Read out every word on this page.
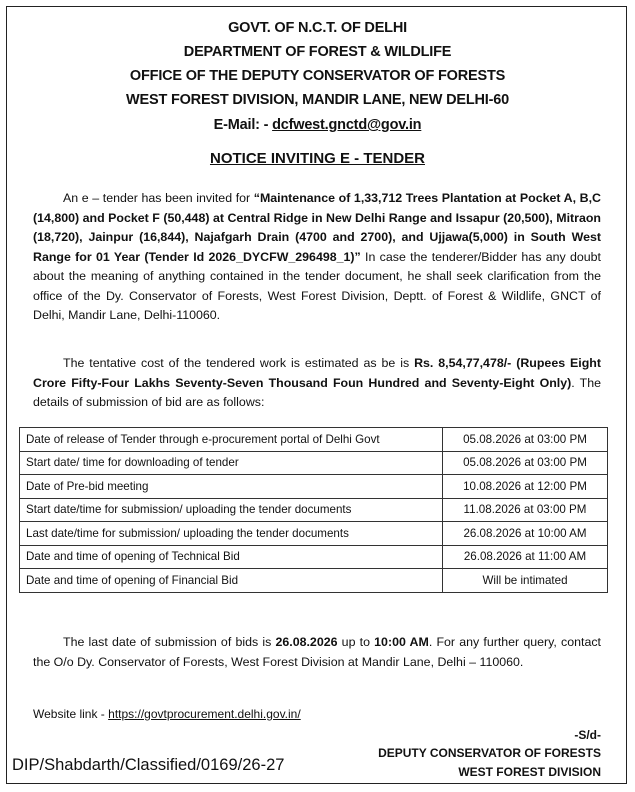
GOVT. OF N.C.T. OF DELHI
DEPARTMENT OF FOREST & WILDLIFE
OFFICE OF THE DEPUTY CONSERVATOR OF FORESTS
WEST FOREST DIVISION, MANDIR LANE, NEW DELHI-60
E-Mail: - dcfwest.gnctd@gov.in
NOTICE INVITING E - TENDER

An e – tender has been invited for “Maintenance of 1,33,712 Trees Plantation at Pocket A, B,C (14,800) and Pocket F (50,448) at Central Ridge in New Delhi Range and Issapur (20,500), Mitraon (18,720), Jainpur (16,844), Najafgarh Drain (4700 and 2700), and Ujjawa(5,000) in South West Range for 01 Year (Tender Id 2026_DYCFW_296498_1)” In case the tenderer/Bidder has any doubt about the meaning of anything contained in the tender document, he shall seek clarification from the office of the Dy. Conservator of Forests, West Forest Division, Deptt. of Forest & Wildlife, GNCT of Delhi, Mandir Lane, Delhi-110060.

The tentative cost of the tendered work is estimated as be is Rs. 8,54,77,478/- (Rupees Eight Crore Fifty-Four Lakhs Seventy-Seven Thousand Foun Hundred and Seventy-Eight Only). The details of submission of bid are as follows:

Date of release of Tender through e-procurement portal of Delhi Govt	05.08.2026 at 03:00 PM
Start date/ time for downloading of tender	05.08.2026 at 03:00 PM
Date of Pre-bid meeting	10.08.2026 at 12:00 PM
Start date/time for submission/ uploading the tender documents	11.08.2026 at 03:00 PM
Last date/time for submission/ uploading the tender documents	26.08.2026 at 10:00 AM
Date and time of opening of Technical Bid	26.08.2026 at 11:00 AM
Date and time of opening of Financial Bid	Will be intimated

The last date of submission of bids is 26.08.2026 up to 10:00 AM. For any further query, contact the O/o Dy. Conservator of Forests, West Forest Division at Mandir Lane, Delhi – 110060.

Website link - https://govtprocurement.delhi.gov.in/
-S/d-
DEPUTY CONSERVATOR OF FORESTS
WEST FOREST DIVISION
DIP/Shabdarth/Classified/0169/26-27
